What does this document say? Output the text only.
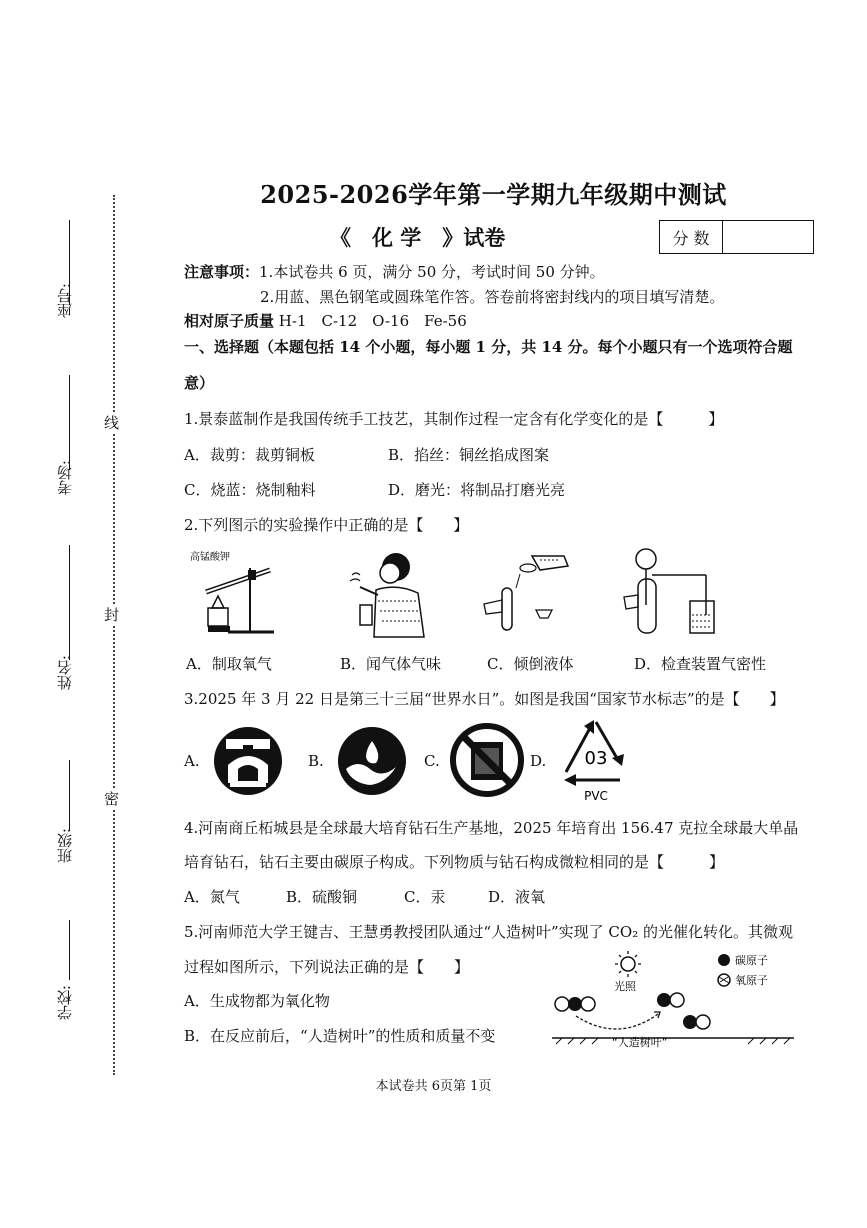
座号:
考场:
姓名:
班级:
学校:
线
封
密
2025-2026学年第一学期九年级期中测试
《　化 学　》试卷	分 数
注意事项：1.本试卷共 6 页，满分 50 分，考试时间 50 分钟。
2.用蓝、黑色钢笔或圆珠笔作答。答卷前将密封线内的项目填写清楚。
相对原子质量 H-1　C-12　O-16　Fe-56
一、选择题（本题包括 14 个小题，每小题 1 分，共 14 分。每个小题只有一个选项符合题
意）
1.景泰蓝制作是我国传统手工技艺，其制作过程一定含有化学变化的是【　　　】
A．裁剪：裁剪铜板	B．掐丝：铜丝掐成图案
C．烧蓝：烧制釉料	D．磨光：将制品打磨光亮
2.下列图示的实验操作中正确的是【　　】
高锰酸钾
A．制取氧气	B．闻气体气味	C．倾倒液体	D．检查装置气密性
3.2025 年 3 月 22 日是第三十三届“世界水日”。如图是我国“国家节水标志”的是【　　】
A.	B.	C.	D. 03
PVC
4.河南商丘柘城县是全球最大培育钻石生产基地，2025 年培育出 156.47 克拉全球最大单晶
培育钻石，钻石主要由碳原子构成。下列物质与钻石构成微粒相同的是【　　　】
A．氮气	B．硫酸铜	C．汞	D．液氧
5.河南师范大学王键吉、王慧勇教授团队通过“人造树叶”实现了 CO₂ 的光催化转化。其微观
过程如图所示，下列说法正确的是【　　】
A．生成物都为氧化物
B．在反应前后，“人造树叶”的性质和质量不变
光照
碳原子
氧原子
“人造树叶”
本试卷共 6页第 1页
